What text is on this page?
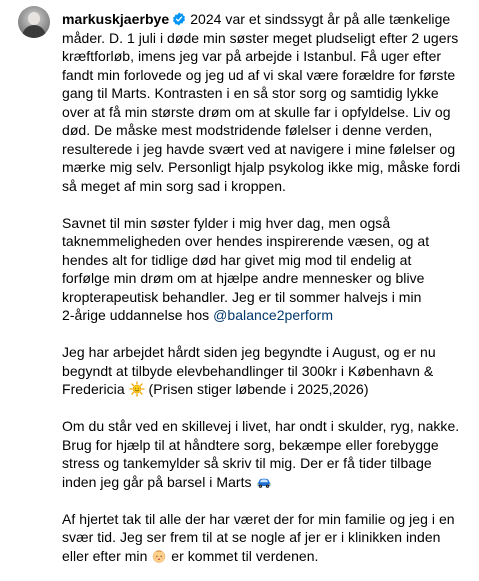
markuskjaerbye 2024 var et sindssygt år på alle tænkelige
måder. D. 1 juli i døde min søster meget pludseligt efter 2 ugers
kræftforløb, imens jeg var på arbejde i Istanbul. Få uger efter
fandt min forlovede og jeg ud af vi skal være forældre for første
gang til Marts. Kontrasten i en så stor sorg og samtidig lykke
over at få min største drøm om at skulle far i opfyldelse. Liv og
død. De måske mest modstridende følelser i denne verden,
resulterede i jeg havde svært ved at navigere i mine følelser og
mærke mig selv. Personligt hjalp psykolog ikke mig, måske fordi
så meget af min sorg sad i kroppen.
Savnet til min søster fylder i mig hver dag, men også
taknemmeligheden over hendes inspirerende væsen, og at
hendes alt for tidlige død har givet mig mod til endelig at
forfølge min drøm om at hjælpe andre mennesker og blive
kropterapeutisk behandler. Jeg er til sommer halvejs i min
2-årige uddannelse hos @balance2perform
Jeg har arbejdet hårdt siden jeg begyndte i August, og er nu
begyndt at tilbyde elevbehandlinger til 300kr i København &
Fredericia  (Prisen stiger løbende i 2025,2026)
Om du står ved en skillevej i livet, har ondt i skulder, ryg, nakke.
Brug for hjælp til at håndtere sorg, bekæmpe eller forebygge
stress og tankemylder så skriv til mig. Der er få tider tilbage
inden jeg går på barsel i Marts
Af hjertet tak til alle der har været der for min familie og jeg i en
svær tid. Jeg ser frem til at se nogle af jer er i klinikken inden
eller efter min  er kommet til verdenen.
